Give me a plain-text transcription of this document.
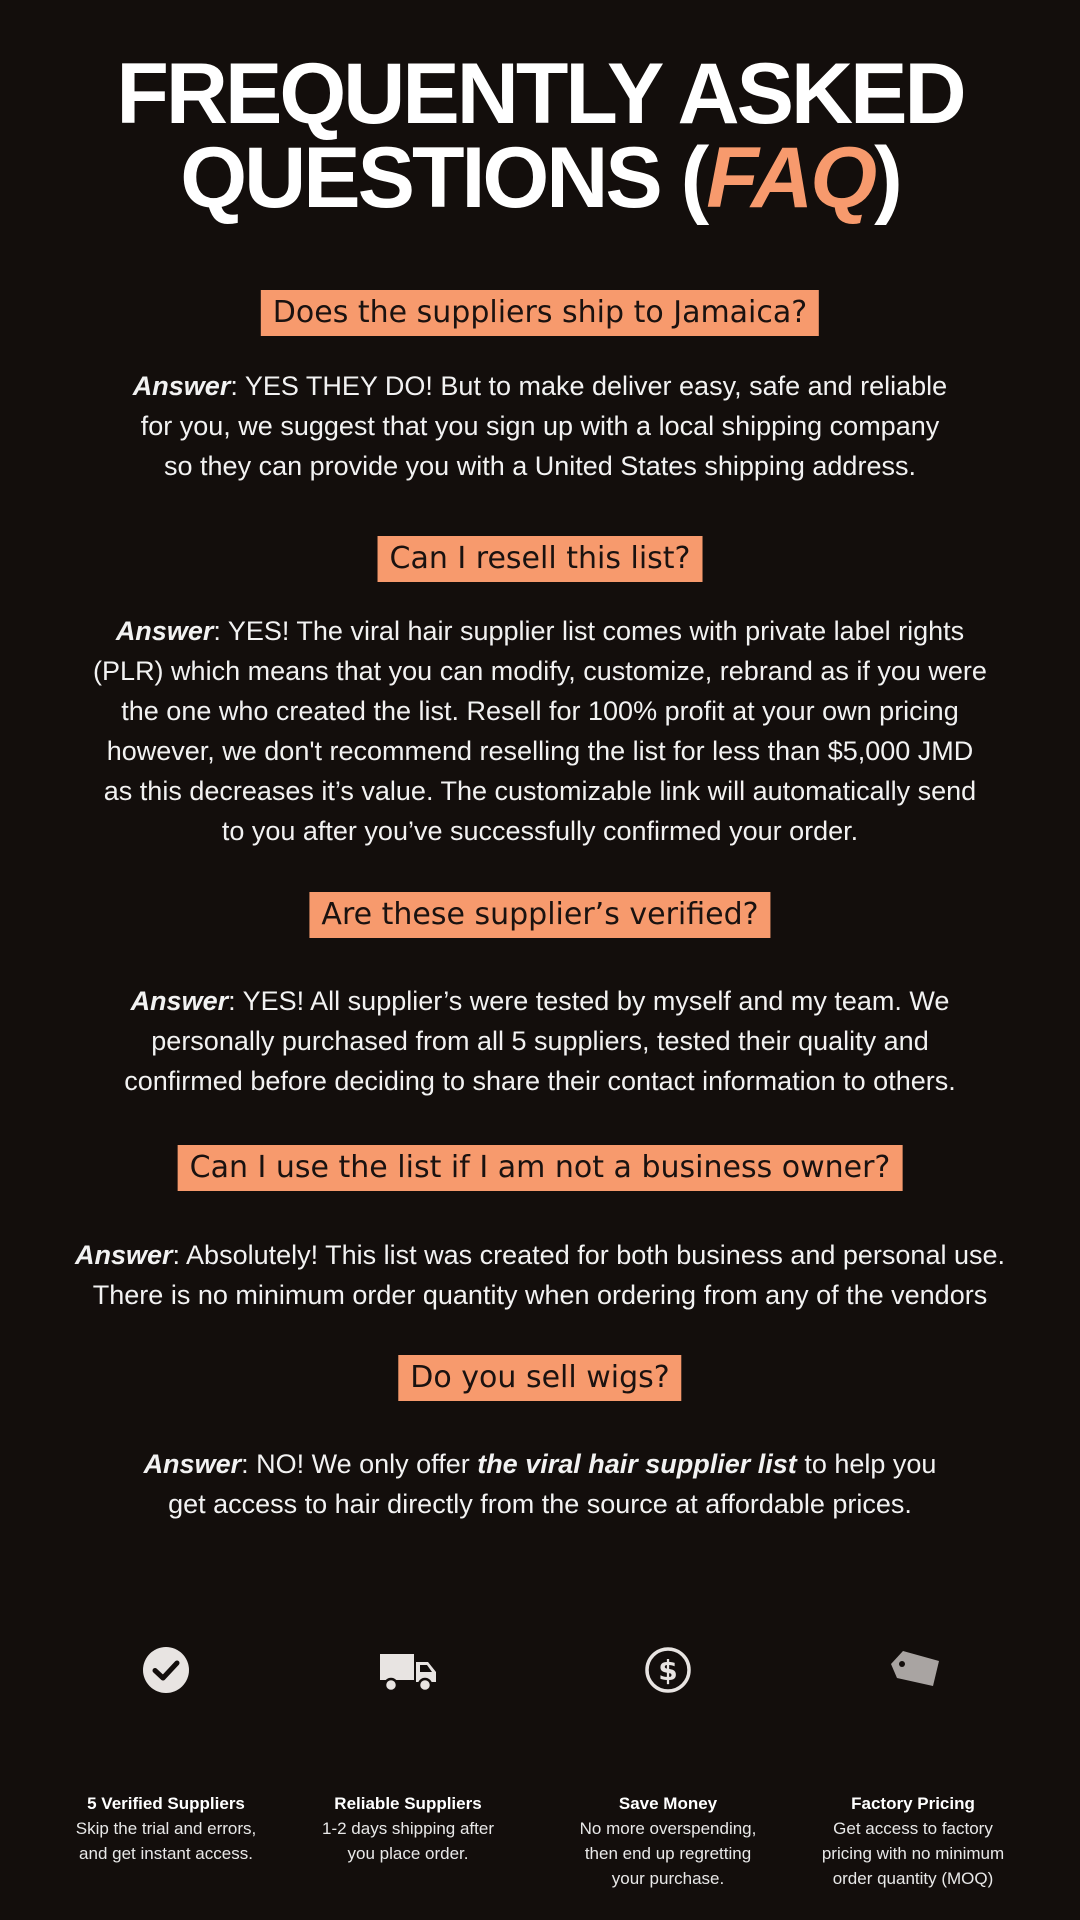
FREQUENTLY ASKED
QUESTIONS (FAQ)
Does the suppliers ship to Jamaica?
Answer: YES THEY DO! But to make deliver easy, safe and reliable
for you, we suggest that you sign up with a local shipping company
so they can provide you with a United States shipping address.
Can I resell this list?
Answer: YES! The viral hair supplier list comes with private label rights
(PLR) which means that you can modify, customize, rebrand as if you were
the one who created the list. Resell for 100% profit at your own pricing
however, we don't recommend reselling the list for less than $5,000 JMD
as this decreases it’s value. The customizable link will automatically send
to you after you’ve successfully confirmed your order.
Are these supplier’s verified?
Answer: YES! All supplier’s were tested by myself and my team. We
personally purchased from all 5 suppliers, tested their quality and
confirmed before deciding to share their contact information to others.
Can I use the list if I am not a business owner?
Answer: Absolutely! This list was created for both business and personal use.
There is no minimum order quantity when ordering from any of the vendors
Do you sell wigs?
Answer: NO! We only offer the viral hair supplier list to help you
get access to hair directly from the source at affordable prices.
5 Verified Suppliers
Skip the trial and errors,
and get instant access.
Reliable Suppliers
1-2 days shipping after
you place order.
$
Save Money
No more overspending,
then end up regretting
your purchase.
Factory Pricing
Get access to factory
pricing with no minimum
order quantity (MOQ)
